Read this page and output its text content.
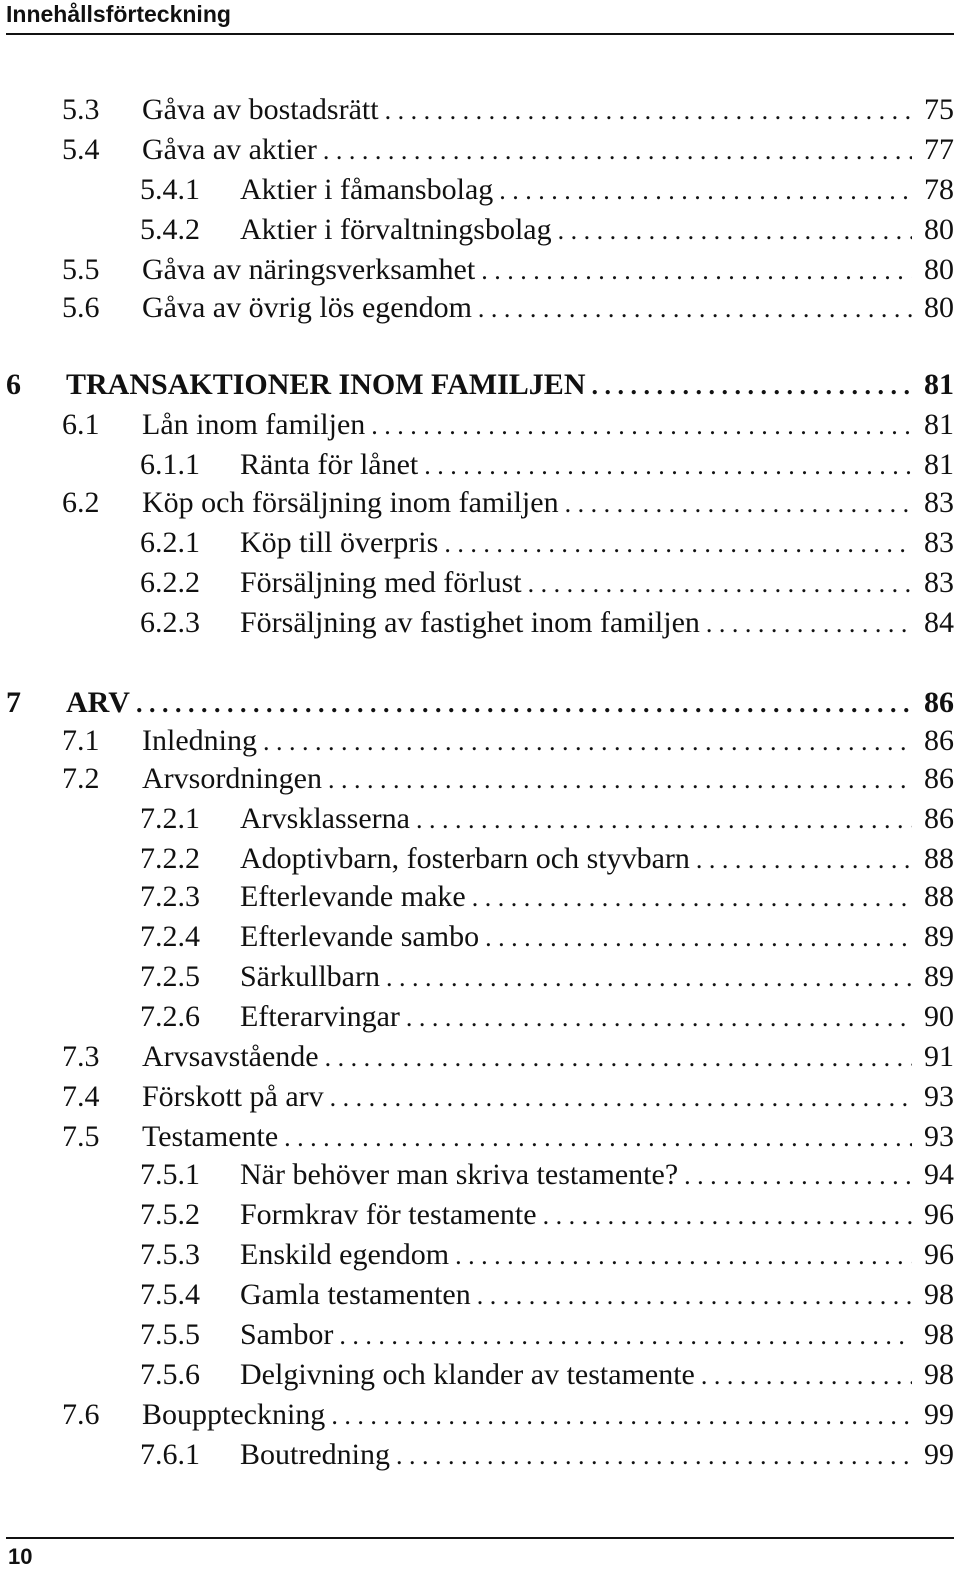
Innehållsförteckning
5.3	Gåva av bostadsrätt . . .	75
5.4	Gåva av aktier . . .	77
5.4.1	Aktier i fåmansbolag . . .	78
5.4.2	Aktier i förvaltningsbolag . . .	80
5.5	Gåva av näringsverksamhet . . .	80
5.6	Gåva av övrig lös egendom . . .	80
6	TRANSAKTIONER INOM FAMILJEN . . .	81
6.1	Lån inom familjen . . .	81
6.1.1	Ränta för lånet . . .	81
6.2	Köp och försäljning inom familjen . . .	83
6.2.1	Köp till överpris . . .	83
6.2.2	Försäljning med förlust . . .	83
6.2.3	Försäljning av fastighet inom familjen . . .	84
7	ARV . . .	86
7.1	Inledning . . .	86
7.2	Arvsordningen . . .	86
7.2.1	Arvsklasserna . . .	86
7.2.2	Adoptivbarn, fosterbarn och styvbarn . . .	88
7.2.3	Efterlevande make . . .	88
7.2.4	Efterlevande sambo . . .	89
7.2.5	Särkullbarn . . .	89
7.2.6	Efterarvingar . . .	90
7.3	Arvsavstående . . .	91
7.4	Förskott på arv . . .	93
7.5	Testamente . . .	93
7.5.1	När behöver man skriva testamente? . . .	94
7.5.2	Formkrav för testamente . . .	96
7.5.3	Enskild egendom . . .	96
7.5.4	Gamla testamenten . . .	98
7.5.5	Sambor . . .	98
7.5.6	Delgivning och klander av testamente . . .	98
7.6	Bouppteckning . . .	99
7.6.1	Boutredning . . .	99
10
